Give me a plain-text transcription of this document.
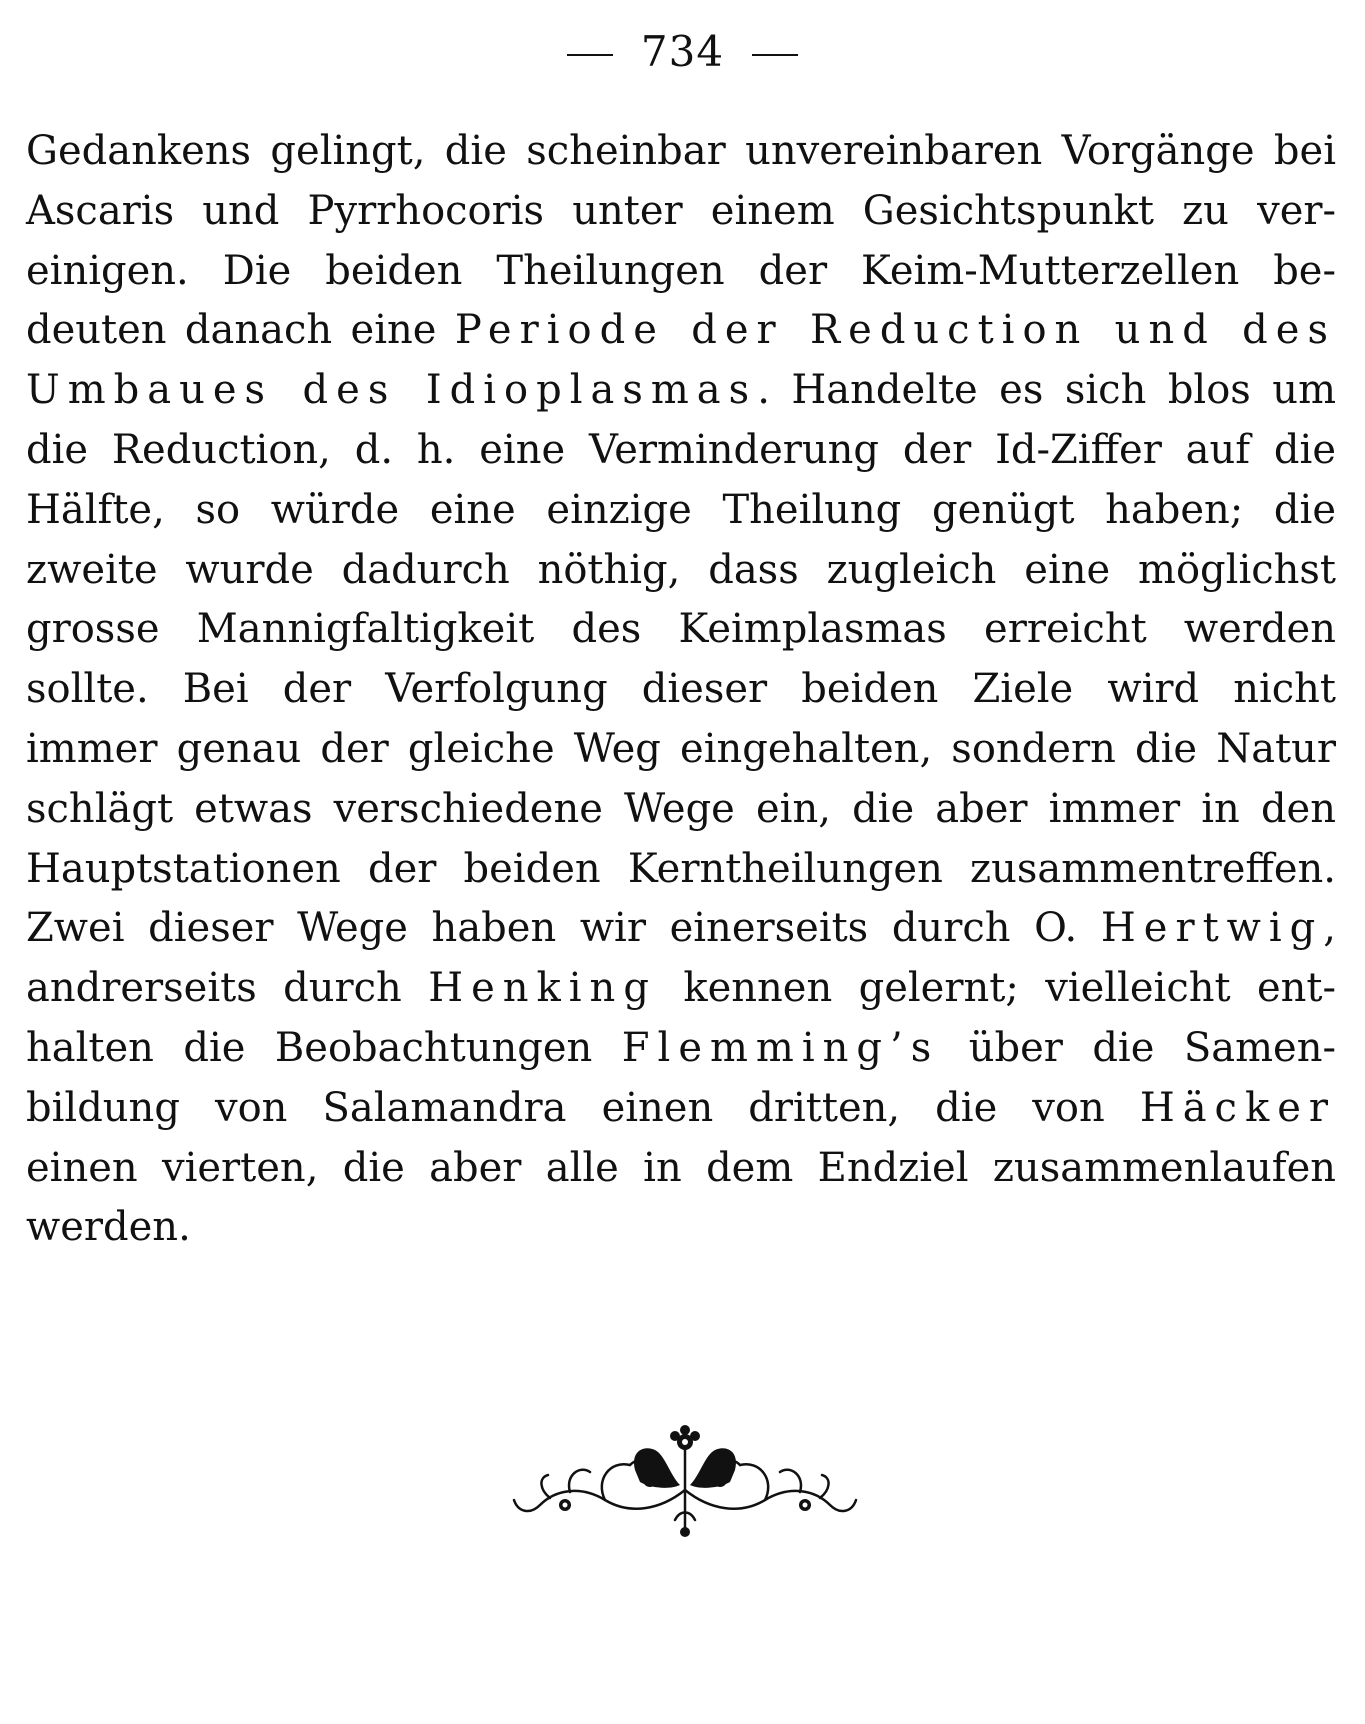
734
Gedankens gelingt, die scheinbar unvereinbaren Vorgänge bei
Ascaris und Pyrrhocoris unter einem Gesichtspunkt zu ver-
einigen. Die beiden Theilungen der Keim-Mutterzellen be-
deuten danach eine Periode der Reduction und des
Umbaues des Idioplasmas. Handelte es sich blos um
die Reduction, d. h. eine Verminderung der Id-Ziffer auf die
Hälfte, so würde eine einzige Theilung genügt haben; die
zweite wurde dadurch nöthig, dass zugleich eine möglichst
grosse Mannigfaltigkeit des Keimplasmas erreicht werden
sollte. Bei der Verfolgung dieser beiden Ziele wird nicht
immer genau der gleiche Weg eingehalten, sondern die Natur
schlägt etwas verschiedene Wege ein, die aber immer in den
Hauptstationen der beiden Kerntheilungen zusammentreffen.
Zwei dieser Wege haben wir einerseits durch O. Hertwig,
andrerseits durch Henking kennen gelernt; vielleicht ent-
halten die Beobachtungen Flemming’s über die Samen-
bildung von Salamandra einen dritten, die von Häcker
einen vierten, die aber alle in dem Endziel zusammenlaufen
werden.
